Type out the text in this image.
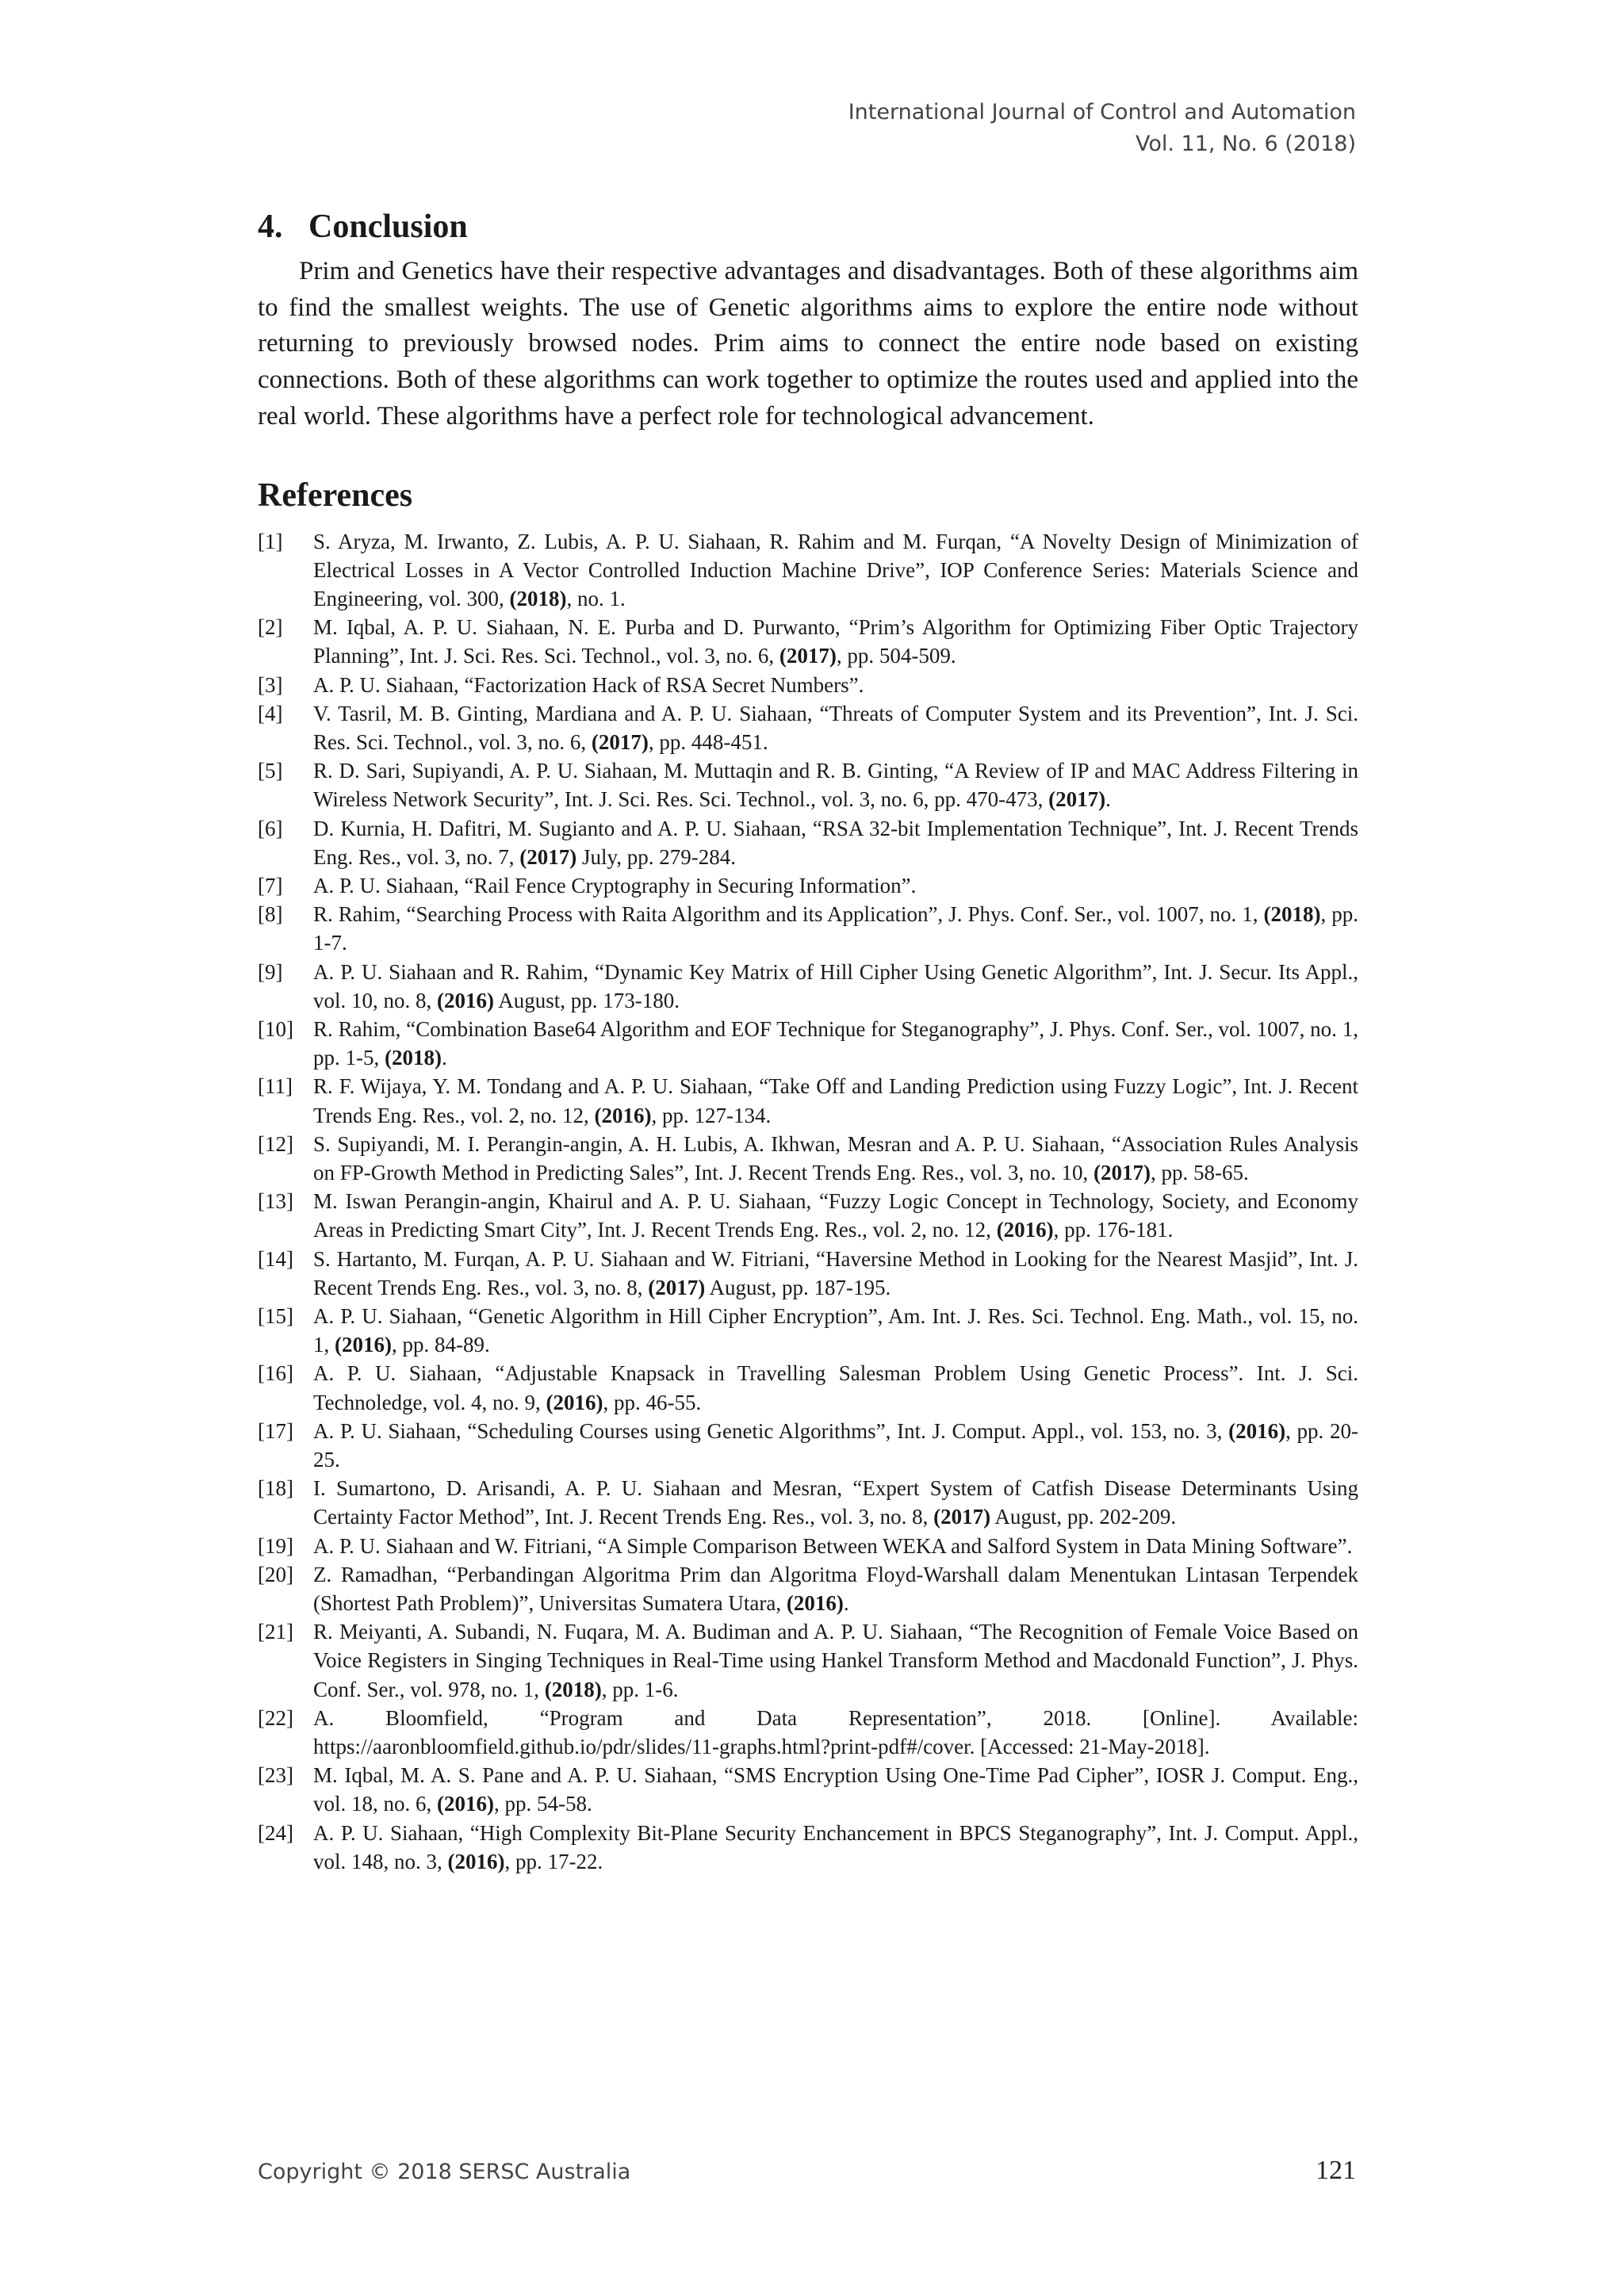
International Journal of Control and Automation
Vol. 11, No. 6 (2018)
4. Conclusion

Prim and Genetics have their respective advantages and disadvantages. Both of these algorithms aim to find the smallest weights. The use of Genetic algorithms aims to explore the entire node without returning to previously browsed nodes. Prim aims to connect the entire node based on existing connections. Both of these algorithms can work together to optimize the routes used and applied into the real world. These algorithms have a perfect role for technological advancement.

References
[1]	S. Aryza, M. Irwanto, Z. Lubis, A. P. U. Siahaan, R. Rahim and M. Furqan, “A Novelty Design of Minimization of Electrical Losses in A Vector Controlled Induction Machine Drive”, IOP Conference Series: Materials Science and Engineering, vol. 300, (2018), no. 1.
[2]	M. Iqbal, A. P. U. Siahaan, N. E. Purba and D. Purwanto, “Prim’s Algorithm for Optimizing Fiber Optic Trajectory Planning”, Int. J. Sci. Res. Sci. Technol., vol. 3, no. 6, (2017), pp. 504-509.
[3]	A. P. U. Siahaan, “Factorization Hack of RSA Secret Numbers”.
[4]	V. Tasril, M. B. Ginting, Mardiana and A. P. U. Siahaan, “Threats of Computer System and its Prevention”, Int. J. Sci. Res. Sci. Technol., vol. 3, no. 6, (2017), pp. 448-451.
[5]	R. D. Sari, Supiyandi, A. P. U. Siahaan, M. Muttaqin and R. B. Ginting, “A Review of IP and MAC Address Filtering in Wireless Network Security”, Int. J. Sci. Res. Sci. Technol., vol. 3, no. 6, pp. 470-473, (2017).
[6]	D. Kurnia, H. Dafitri, M. Sugianto and A. P. U. Siahaan, “RSA 32-bit Implementation Technique”, Int. J. Recent Trends Eng. Res., vol. 3, no. 7, (2017) July, pp. 279-284.
[7]	A. P. U. Siahaan, “Rail Fence Cryptography in Securing Information”.
[8]	R. Rahim, “Searching Process with Raita Algorithm and its Application”, J. Phys. Conf. Ser., vol. 1007, no. 1, (2018), pp. 1-7.
[9]	A. P. U. Siahaan and R. Rahim, “Dynamic Key Matrix of Hill Cipher Using Genetic Algorithm”, Int. J. Secur. Its Appl., vol. 10, no. 8, (2016) August, pp. 173-180.
[10] R. Rahim, “Combination Base64 Algorithm and EOF Technique for Steganography”, J. Phys. Conf. Ser., vol. 1007, no. 1, pp. 1-5, (2018).
[11] R. F. Wijaya, Y. M. Tondang and A. P. U. Siahaan, “Take Off and Landing Prediction using Fuzzy Logic”, Int. J. Recent Trends Eng. Res., vol. 2, no. 12, (2016), pp. 127-134.
[12] S. Supiyandi, M. I. Perangin-angin, A. H. Lubis, A. Ikhwan, Mesran and A. P. U. Siahaan, “Association Rules Analysis on FP-Growth Method in Predicting Sales”, Int. J. Recent Trends Eng. Res., vol. 3, no. 10, (2017), pp. 58-65.
[13] M. Iswan Perangin-angin, Khairul and A. P. U. Siahaan, “Fuzzy Logic Concept in Technology, Society, and Economy Areas in Predicting Smart City”, Int. J. Recent Trends Eng. Res., vol. 2, no. 12, (2016), pp. 176-181.
[14] S. Hartanto, M. Furqan, A. P. U. Siahaan and W. Fitriani, “Haversine Method in Looking for the Nearest Masjid”, Int. J. Recent Trends Eng. Res., vol. 3, no. 8, (2017) August, pp. 187-195.
[15] A. P. U. Siahaan, “Genetic Algorithm in Hill Cipher Encryption”, Am. Int. J. Res. Sci. Technol. Eng. Math., vol. 15, no. 1, (2016), pp. 84-89.
[16] A. P. U. Siahaan, “Adjustable Knapsack in Travelling Salesman Problem Using Genetic Process”. Int. J. Sci. Technoledge, vol. 4, no. 9, (2016), pp. 46-55.
[17] A. P. U. Siahaan, “Scheduling Courses using Genetic Algorithms”, Int. J. Comput. Appl., vol. 153, no. 3, (2016), pp. 20-25.
[18] I. Sumartono, D. Arisandi, A. P. U. Siahaan and Mesran, “Expert System of Catfish Disease Determinants Using Certainty Factor Method”, Int. J. Recent Trends Eng. Res., vol. 3, no. 8, (2017) August, pp. 202-209.
[19] A. P. U. Siahaan and W. Fitriani, “A Simple Comparison Between WEKA and Salford System in Data Mining Software”.
[20] Z. Ramadhan, “Perbandingan Algoritma Prim dan Algoritma Floyd-Warshall dalam Menentukan Lintasan Terpendek (Shortest Path Problem)”, Universitas Sumatera Utara, (2016).
[21] R. Meiyanti, A. Subandi, N. Fuqara, M. A. Budiman and A. P. U. Siahaan, “The Recognition of Female Voice Based on Voice Registers in Singing Techniques in Real-Time using Hankel Transform Method and Macdonald Function”, J. Phys. Conf. Ser., vol. 978, no. 1, (2018), pp. 1-6.
[22] A. Bloomfield, “Program and Data Representation”, 2018. [Online]. Available: https://aaronbloomfield.github.io/pdr/slides/11-graphs.html?print-pdf#/cover. [Accessed: 21-May-2018].
[23] M. Iqbal, M. A. S. Pane and A. P. U. Siahaan, “SMS Encryption Using One-Time Pad Cipher”, IOSR J. Comput. Eng., vol. 18, no. 6, (2016), pp. 54-58.
[24] A. P. U. Siahaan, “High Complexity Bit-Plane Security Enchancement in BPCS Steganography”, Int. J. Comput. Appl., vol. 148, no. 3, (2016), pp. 17-22.
Copyright © 2018 SERSC Australia	121
